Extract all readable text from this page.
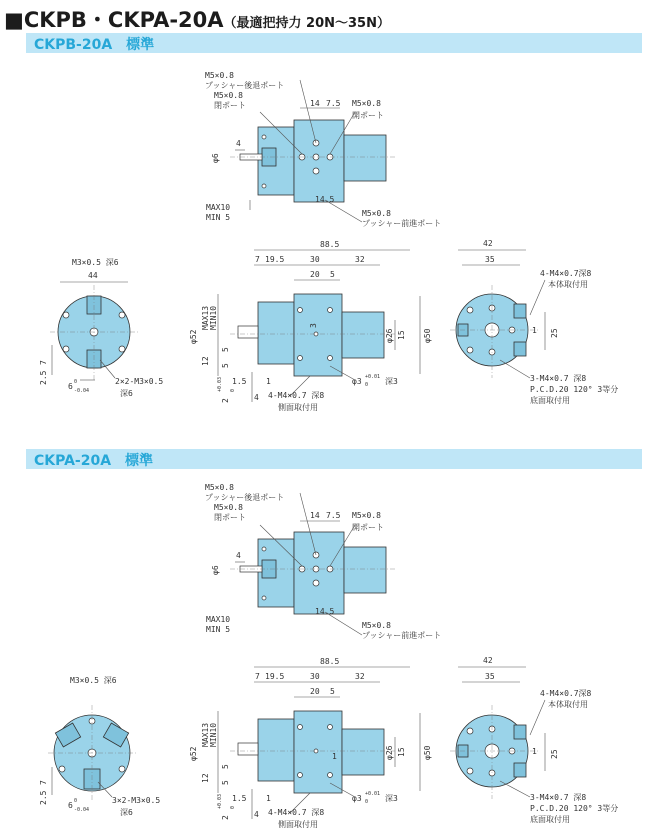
■CKPB・CKPA-20A（最適把持力 20N～35N）
CKPB-20A　標準
M5×0.8
プッシャー後退ポート
M5×0.8
閉ポート	14 7.5 M5×0.8
開ポート
4
φ6
MAX10
MIN 5
14.5
M5×0.8
プッシャー前進ポート
M3×0.5 深6
44
2.5
7
6 0
-0.04
2×2-M3×0.5
深6
88.5
7 19.5	30	32
20 5
φ52
MAX13 MIN10	3
φ26 15 φ50
5
12 5
1.5 1
2
+0.03 0
4 4-M4×0.7 深8
側面取付用
φ3 +0.01
0 深3
42
35
4-M4×0.7深8
本体取付用
1 25
3-M4×0.7 深8
P.C.D.20 120° 3等分
底面取付用
CKPA-20A　標準
M5×0.8
プッシャー後退ポート
M5×0.8
閉ポート	14 7.5 M5×0.8
開ポート
4
φ6
MAX10
MIN 5
14.5
M5×0.8
プッシャー前進ポート
M3×0.5 深6
2.5
7
6 0
-0.04
3×2-M3×0.5
深6
88.5
7 19.5	30	32
20 5
φ52
MAX13 MIN10
1	φ26 15 φ50
5
12 5
1.5 1
2
+0.03 0
4 4-M4×0.7 深8
側面取付用
φ3 +0.01
0 深3
42
35
4-M4×0.7深8
本体取付用
1 25
3-M4×0.7 深8
P.C.D.20 120° 3等分
底面取付用
